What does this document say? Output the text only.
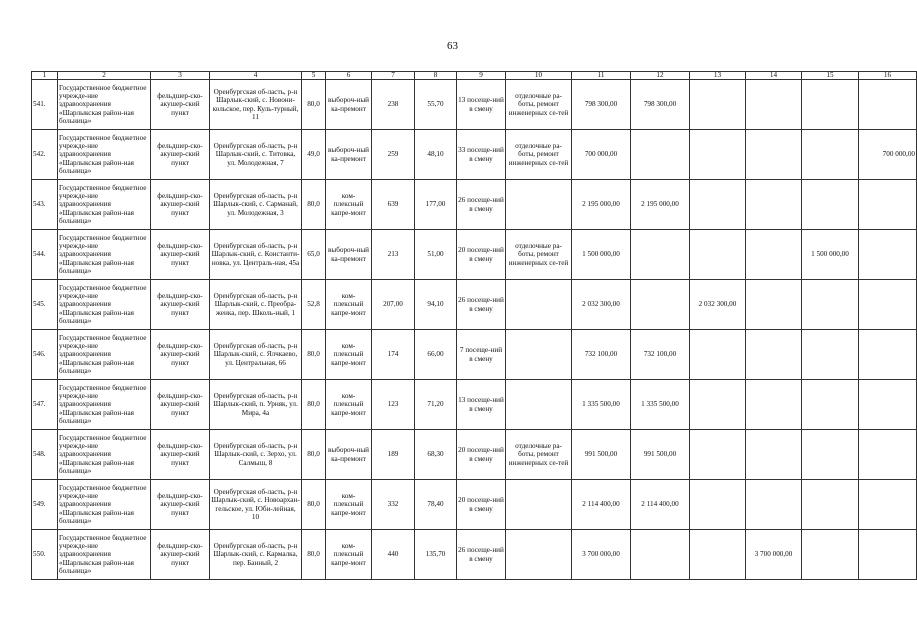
63
1	2	3	4	5	6	7	8	9	10	11	12	13	14	15	16
541.	Государственное бюджетное учрежде-ние здравоохранения «Шарлыкская район-ная больница»	фельдшер-ско-акушер-ский пункт	Оренбургская об-ласть, р-н Шарлык-ский, с. Новони-кольское, пер. Куль-турный, 11	80,0	выбороч-ный ка-премонт	238	55,70	13 посеще-ний в смену	отделочные ра-боты, ремонт инженерных се-тей	798 300,00	798 300,00				
542.	Государственное бюджетное учрежде-ние здравоохранения «Шарлыкская район-ная больница»	фельдшер-ско-акушер-ский пункт	Оренбургская об-ласть, р-н Шарлык-ский, с. Титовка, ул. Молодежная, 7	49,0	выбороч-ный ка-премонт	259	48,10	33 посеще-ний в смену	отделочные ра-боты, ремонт инженерных се-тей	700 000,00					700 000,00
543.	Государственное бюджетное учрежде-ние здравоохранения «Шарлыкская район-ная больница»	фельдшер-ско-акушер-ский пункт	Оренбургская об-ласть, р-н Шарлык-ский, с. Сарманай, ул. Молодежная, 3	80,0	ком-плексный капре-монт	639	177,00	26 посеще-ний в смену		2 195 000,00	2 195 000,00				
544.	Государственное бюджетное учрежде-ние здравоохранения «Шарлыкская район-ная больница»	фельдшер-ско-акушер-ский пункт	Оренбургская об-ласть, р-н Шарлык-ский, с. Константи-новка, ул. Централь-ная, 45а	65,0	выбороч-ный ка-премонт	213	51,00	20 посеще-ний в смену	отделочные ра-боты, ремонт инженерных се-тей	1 500 000,00				1 500 000,00	
545.	Государственное бюджетное учрежде-ние здравоохранения «Шарлыкская район-ная больница»	фельдшер-ско-акушер-ский пункт	Оренбургская об-ласть, р-н Шарлык-ский, с. Преобра-женка, пер. Школь-ный, 1	52,8	ком-плексный капре-монт	207,00	94,10	26 посеще-ний в смену		2 032 300,00		2 032 300,00			
546.	Государственное бюджетное учрежде-ние здравоохранения «Шарлыкская район-ная больница»	фельдшер-ско-акушер-ский пункт	Оренбургская об-ласть, р-н Шарлык-ский, с. Ялчкаево, ул. Центральная, 66	80,0	ком-плексный капре-монт	174	66,00	7 посеще-ний в смену		732 100,00	732 100,00				
547.	Государственное бюджетное учрежде-ние здравоохранения «Шарлыкская район-ная больница»	фельдшер-ско-акушер-ский пункт	Оренбургская об-ласть, р-н Шарлык-ский, п. Урняк, ул. Мира, 4а	80,0	ком-плексный капре-монт	123	71,20	13 посеще-ний в смену		1 335 500,00	1 335 500,00				
548.	Государственное бюджетное учрежде-ние здравоохранения «Шарлыкская район-ная больница»	фельдшер-ско-акушер-ский пункт	Оренбургская об-ласть, р-н Шарлык-ский, с. Зерхо, ул. Салмыш, 8	80,0	выбороч-ный ка-премонт	189	68,30	20 посеще-ний в смену	отделочные ра-боты, ремонт инженерных се-тей	991 500,00	991 500,00				
549.	Государственное бюджетное учрежде-ние здравоохранения «Шарлыкская район-ная больница»	фельдшер-ско-акушер-ский пункт	Оренбургская об-ласть, р-н Шарлык-ский, с. Новоархан-гельское, ул. Юби-лейная, 10	80,0	ком-плексный капре-монт	332	78,40	20 посеще-ний в смену		2 114 400,00	2 114 400,00				
550.	Государственное бюджетное учрежде-ние здравоохранения «Шарлыкская район-ная больница»	фельдшер-ско-акушер-ский пункт	Оренбургская об-ласть, р-н Шарлык-ский, с. Кармалка, пер. Банный, 2	80,0	ком-плексный капре-монт	440	135,70	26 посеще-ний в смену		3 700 000,00			3 700 000,00		
